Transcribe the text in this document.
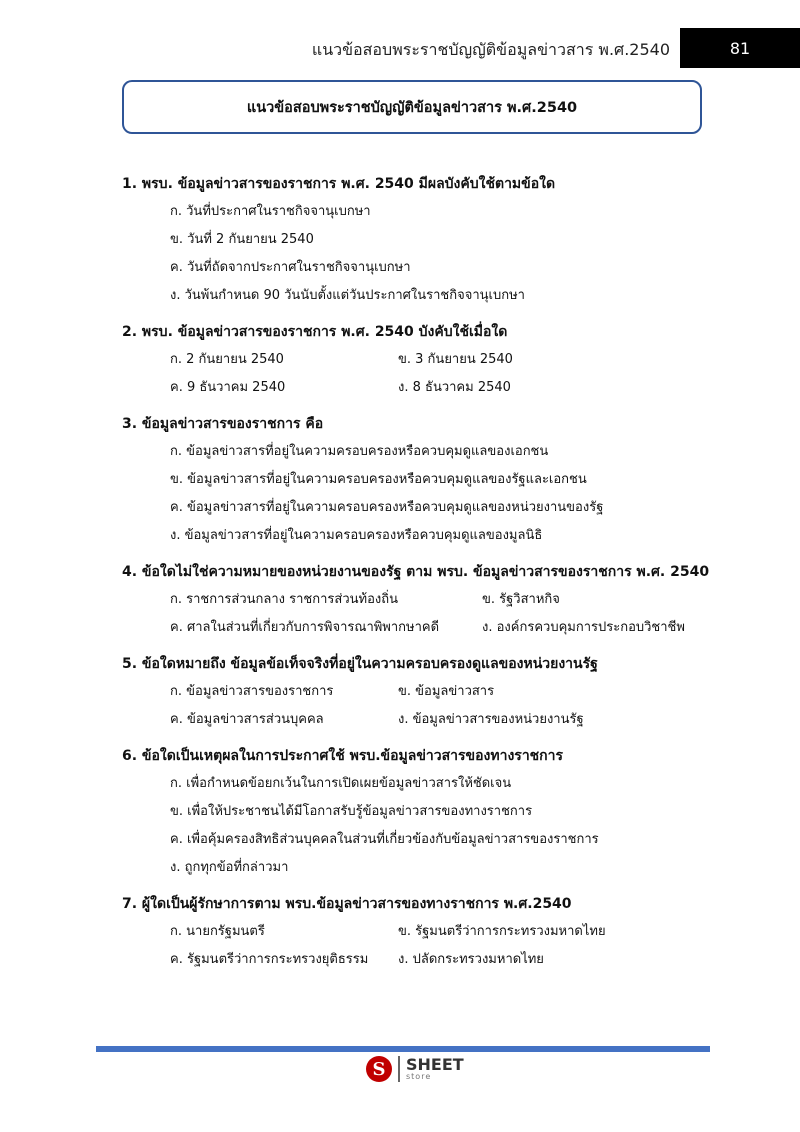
แนวข้อสอบพระราชบัญญัติข้อมูลข่าวสาร พ.ศ.2540	81
แนวข้อสอบพระราชบัญญัติข้อมูลข่าวสาร พ.ศ.2540
1. พรบ. ข้อมูลข่าวสารของราชการ พ.ศ. 2540 มีผลบังคับใช้ตามข้อใด
ก. วันที่ประกาศในราชกิจจานุเบกษา
ข. วันที่ 2 กันยายน 2540
ค. วันที่ถัดจากประกาศในราชกิจจานุเบกษา
ง. วันพ้นกำหนด 90 วันนับตั้งแต่วันประกาศในราชกิจจานุเบกษา
2. พรบ. ข้อมูลข่าวสารของราชการ พ.ศ. 2540 บังคับใช้เมื่อใด
ก. 2 กันยายน 2540	ข. 3 กันยายน 2540
ค. 9 ธันวาคม 2540	ง. 8 ธันวาคม 2540
3. ข้อมูลข่าวสารของราชการ คือ
ก. ข้อมูลข่าวสารที่อยู่ในความครอบครองหรือควบคุมดูแลของเอกชน
ข. ข้อมูลข่าวสารที่อยู่ในความครอบครองหรือควบคุมดูแลของรัฐและเอกชน
ค. ข้อมูลข่าวสารที่อยู่ในความครอบครองหรือควบคุมดูแลของหน่วยงานของรัฐ
ง. ข้อมูลข่าวสารที่อยู่ในความครอบครองหรือควบคุมดูแลของมูลนิธิ
4. ข้อใดไม่ใช่ความหมายของหน่วยงานของรัฐ ตาม พรบ. ข้อมูลข่าวสารของราชการ พ.ศ. 2540
ก. ราชการส่วนกลาง ราชการส่วนท้องถิ่น	ข. รัฐวิสาหกิจ
ค. ศาลในส่วนที่เกี่ยวกับการพิจารณาพิพากษาคดี	ง. องค์กรควบคุมการประกอบวิชาชีพ
5. ข้อใดหมายถึง ข้อมูลข้อเท็จจริงที่อยู่ในความครอบครองดูแลของหน่วยงานรัฐ
ก. ข้อมูลข่าวสารของราชการ	ข. ข้อมูลข่าวสาร
ค. ข้อมูลข่าวสารส่วนบุคคล	ง. ข้อมูลข่าวสารของหน่วยงานรัฐ
6. ข้อใดเป็นเหตุผลในการประกาศใช้ พรบ.ข้อมูลข่าวสารของทางราชการ
ก. เพื่อกำหนดข้อยกเว้นในการเปิดเผยข้อมูลข่าวสารให้ชัดเจน
ข. เพื่อให้ประชาชนได้มีโอกาสรับรู้ข้อมูลข่าวสารของทางราชการ
ค. เพื่อคุ้มครองสิทธิส่วนบุคคลในส่วนที่เกี่ยวข้องกับข้อมูลข่าวสารของราชการ
ง. ถูกทุกข้อที่กล่าวมา
7. ผู้ใดเป็นผู้รักษาการตาม พรบ.ข้อมูลข่าวสารของทางราชการ พ.ศ.2540
ก. นายกรัฐมนตรี	ข. รัฐมนตรีว่าการกระทรวงมหาดไทย
ค. รัฐมนตรีว่าการกระทรวงยุติธรรม	ง. ปลัดกระทรวงมหาดไทย
S	SHEET
store
